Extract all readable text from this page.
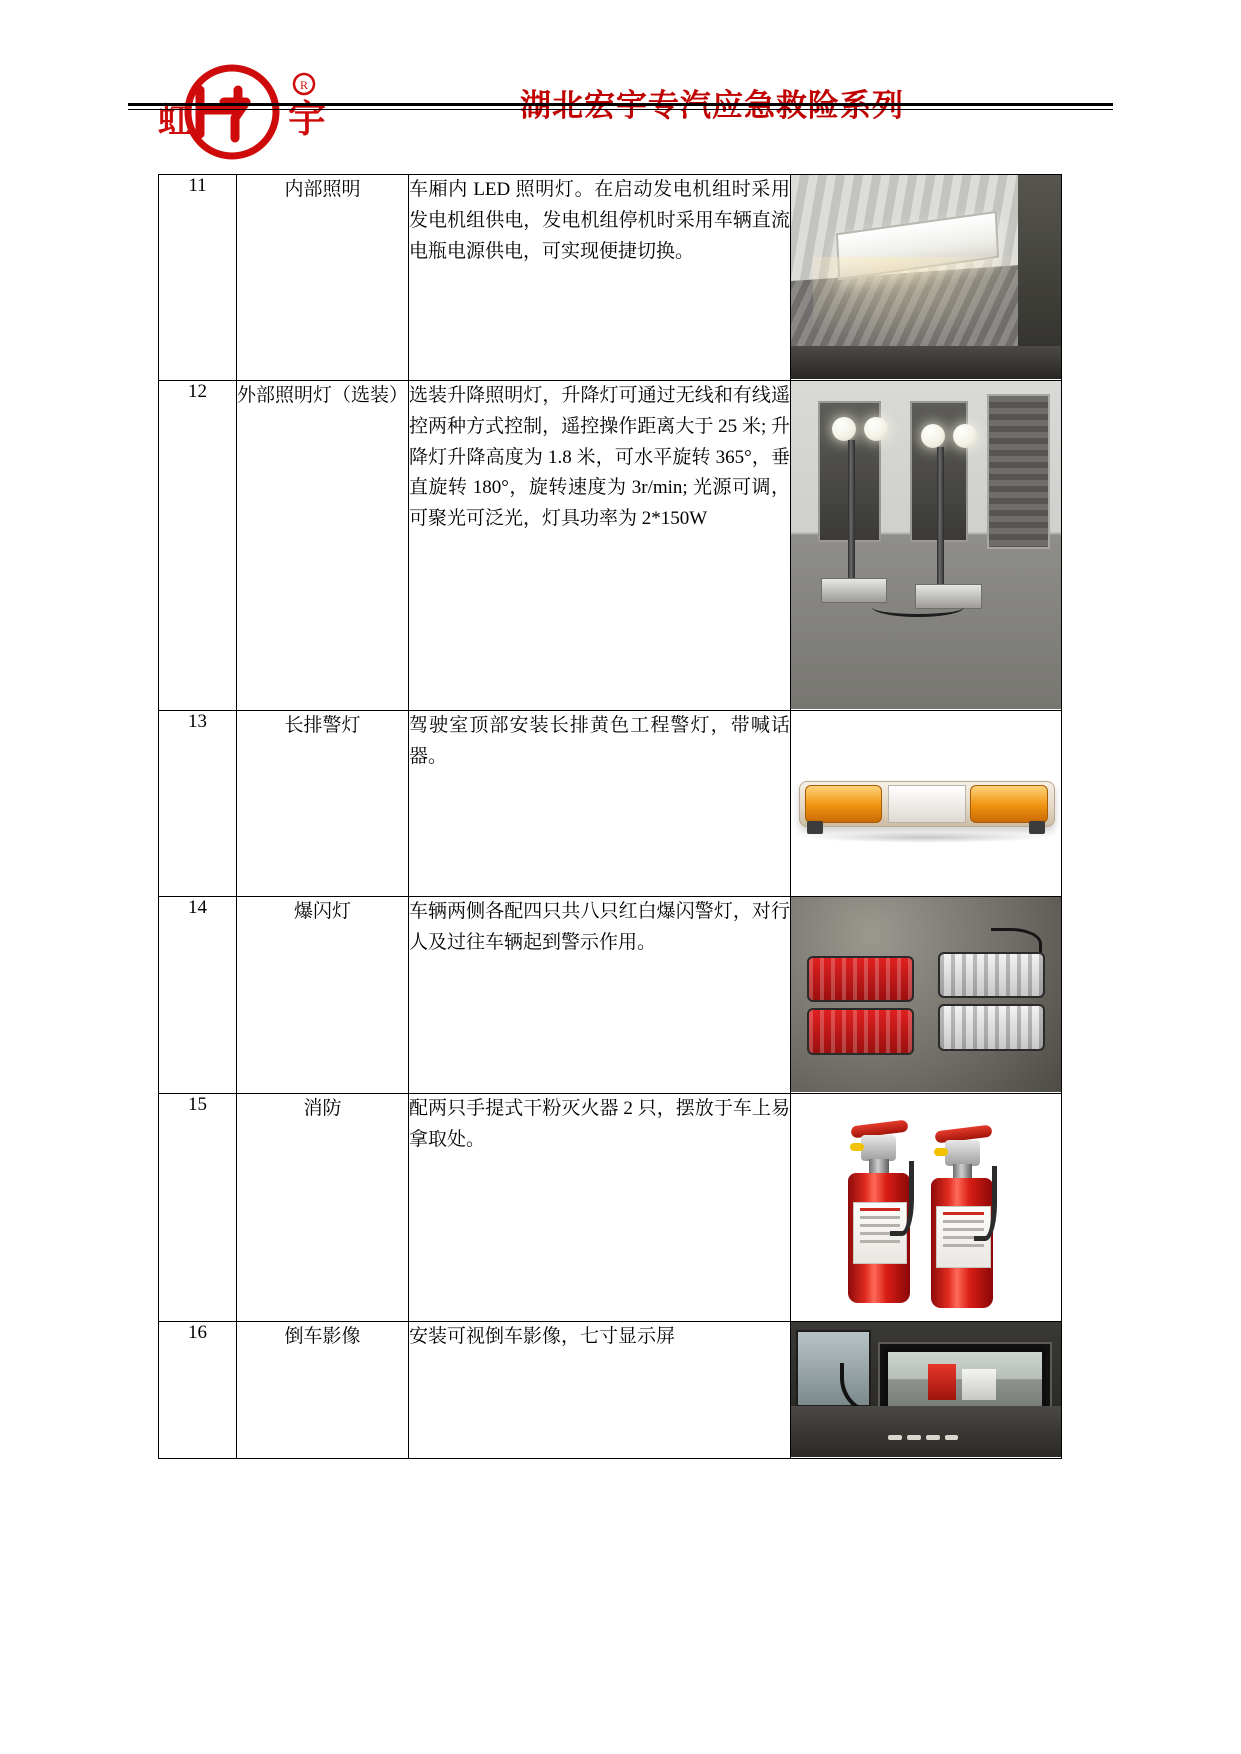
虹	宇
R
湖北宏宇专汽应急救险系列
11	内部照明	车厢内 LED 照明灯。在启动发电机组时采用发电机组供电，发电机组停机时采用车辆直流电瓶电源供电，可实现便捷切换。	

12	外部照明灯（选装）	选装升降照明灯，升降灯可通过无线和有线遥控两种方式控制，遥控操作距离大于 25 米; 升降灯升降高度为 1.8 米，可水平旋转 365°，垂直旋转 180°，旋转速度为 3r/min; 光源可调，可聚光可泛光，灯具功率为 2*150W	

13	长排警灯	驾驶室顶部安装长排黄色工程警灯，带喊话器。	

14	爆闪灯	车辆两侧各配四只共八只红白爆闪警灯，对行人及过往车辆起到警示作用。	

15	消防	配两只手提式干粉灭火器 2 只，摆放于车上易拿取处。	

16	倒车影像	安装可视倒车影像，七寸显示屏	
